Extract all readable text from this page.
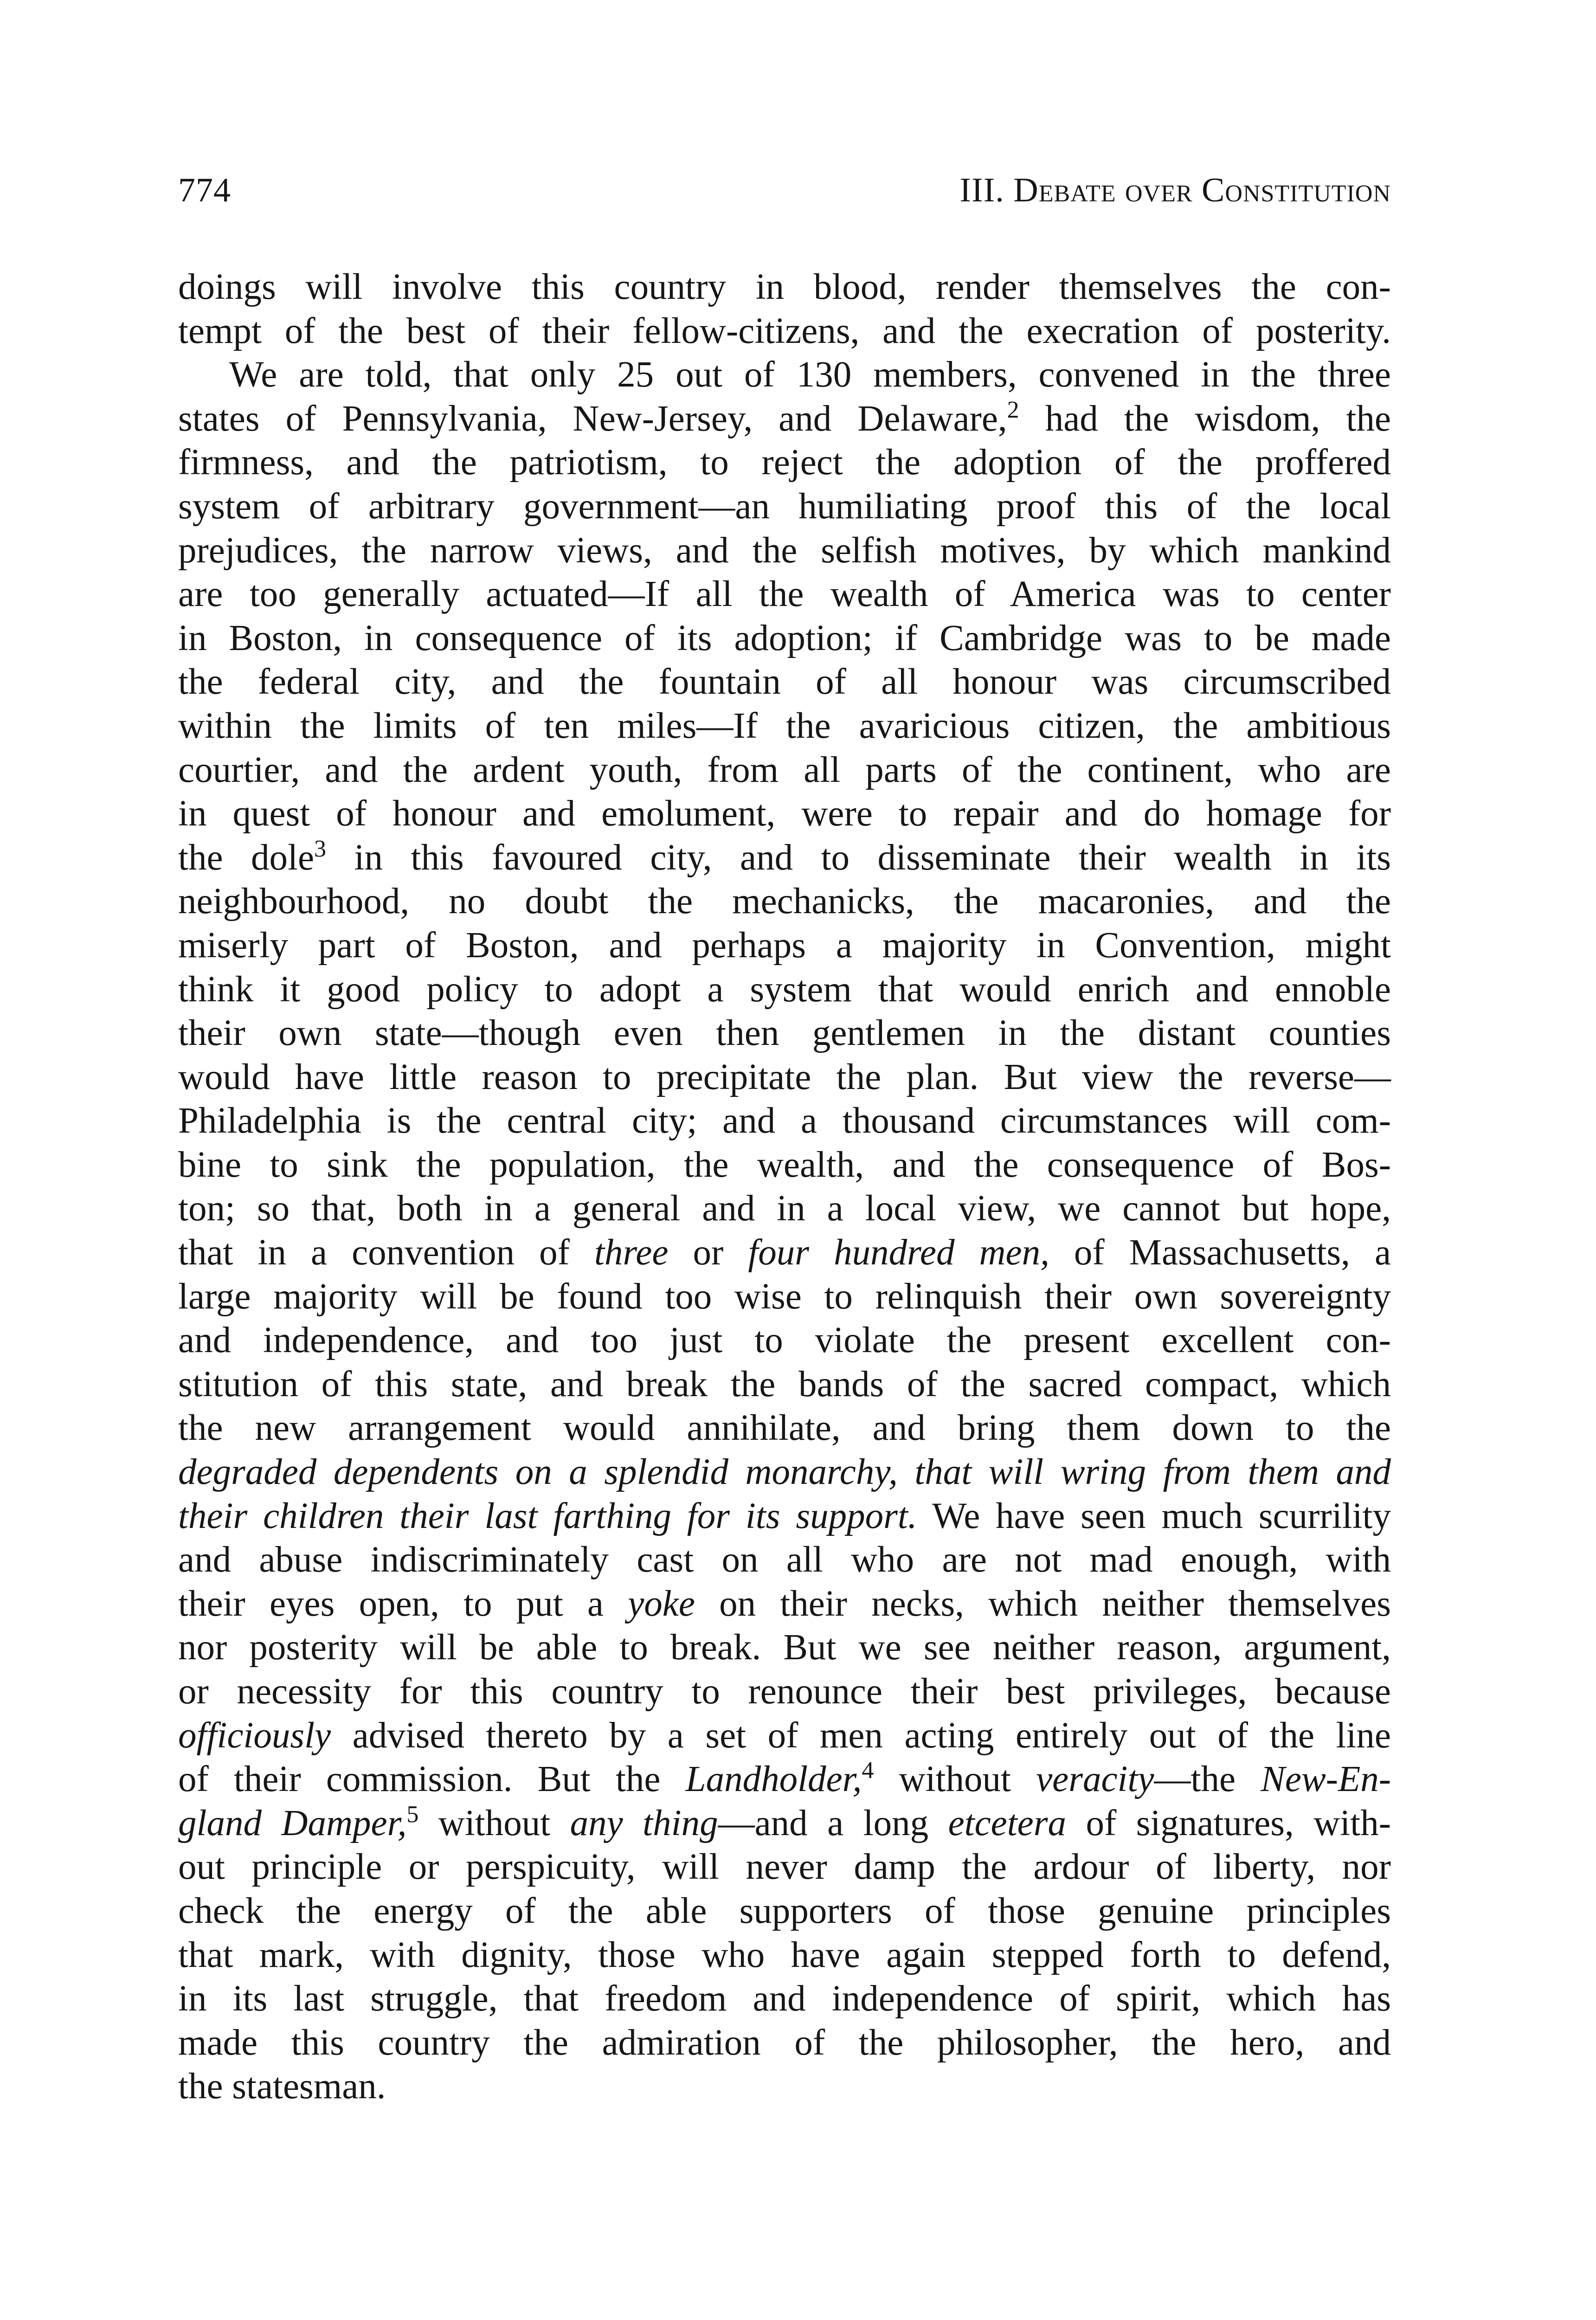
774	III. Debate over Constitution
doings will involve this country in blood, render themselves the con-
tempt of the best of their fellow-citizens, and the execration of posterity.
We are told, that only 25 out of 130 members, convened in the three
states of Pennsylvania, New-Jersey, and Delaware,$^2$ had the wisdom, the
firmness, and the patriotism, to reject the adoption of the proffered
system of arbitrary government—an humiliating proof this of the local
prejudices, the narrow views, and the selfish motives, by which mankind
are too generally actuated—If all the wealth of America was to center
in Boston, in consequence of its adoption; if Cambridge was to be made
the federal city, and the fountain of all honour was circumscribed
within the limits of ten miles—If the avaricious citizen, the ambitious
courtier, and the ardent youth, from all parts of the continent, who are
in quest of honour and emolument, were to repair and do homage for
the dole$^3$ in this favoured city, and to disseminate their wealth in its
neighbourhood, no doubt the mechanicks, the macaronies, and the
miserly part of Boston, and perhaps a majority in Convention, might
think it good policy to adopt a system that would enrich and ennoble
their own state—though even then gentlemen in the distant counties
would have little reason to precipitate the plan. But view the reverse—
Philadelphia is the central city; and a thousand circumstances will com-
bine to sink the population, the wealth, and the consequence of Bos-
ton; so that, both in a general and in a local view, we cannot but hope,
that in a convention of three or four hundred men, of Massachusetts, a
large majority will be found too wise to relinquish their own sovereignty
and independence, and too just to violate the present excellent con-
stitution of this state, and break the bands of the sacred compact, which
the new arrangement would annihilate, and bring them down to the
degraded dependents on a splendid monarchy, that will wring from them and
their children their last farthing for its support. We have seen much scurrility
and abuse indiscriminately cast on all who are not mad enough, with
their eyes open, to put a yoke on their necks, which neither themselves
nor posterity will be able to break. But we see neither reason, argument,
or necessity for this country to renounce their best privileges, because
officiously advised thereto by a set of men acting entirely out of the line
of their commission. But the Landholder,$^4$ without veracity—the New-En-
gland Damper,$^5$ without any thing—and a long etcetera of signatures, with-
out principle or perspicuity, will never damp the ardour of liberty, nor
check the energy of the able supporters of those genuine principles
that mark, with dignity, those who have again stepped forth to defend,
in its last struggle, that freedom and independence of spirit, which has
made this country the admiration of the philosopher, the hero, and
the statesman.
